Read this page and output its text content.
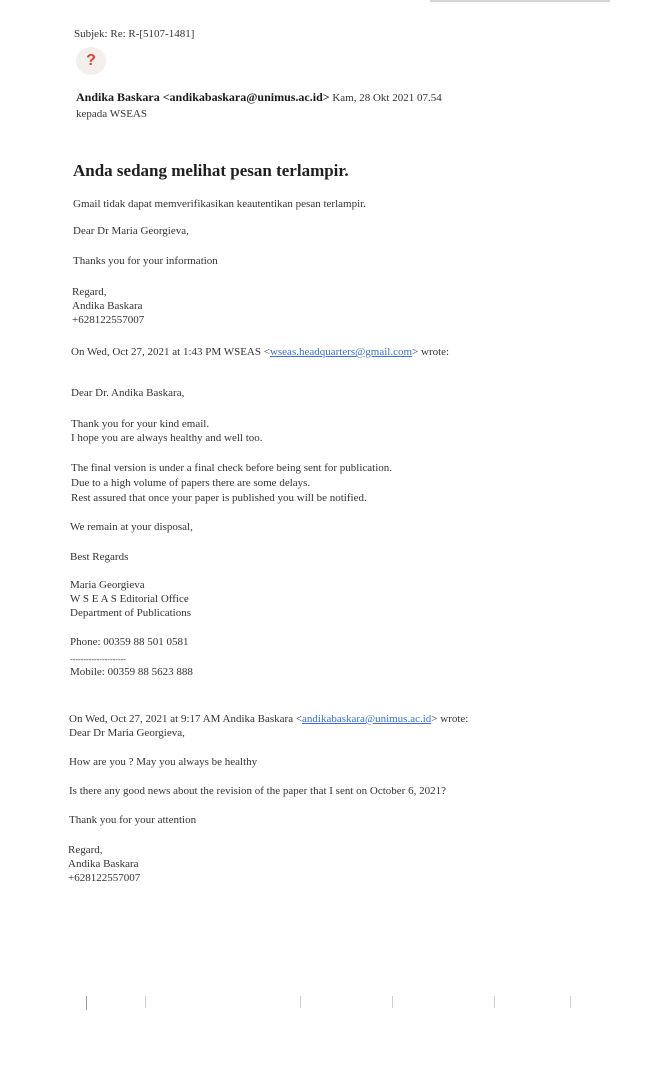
Subjek: Re: R-[5107-1481]
?
Andika Baskara <andikabaskara@unimus.ac.id> Kam, 28 Okt 2021 07.54
kepada WSEAS
Anda sedang melihat pesan terlampir.
Gmail tidak dapat memverifikasikan keautentikan pesan terlampir.
Dear Dr Maria Georgieva,
Thanks you for your information
Regard,
Andika Baskara
+628122557007
On Wed, Oct 27, 2021 at 1:43 PM WSEAS <wseas.headquarters@gmail.com> wrote:
Dear Dr. Andika Baskara,
Thank you for your kind email.
I hope you are always healthy and well too.
The final version is under a final check before being sent for publication.
Due to a high volume of papers there are some delays.
Rest assured that once your paper is published you will be notified.
We remain at your disposal,
Best Regards
Maria Georgieva
W S E A S Editorial Office
Department of Publications
Phone: 00359 88 501 0581
---------------------
Mobile: 00359 88 5623 888
On Wed, Oct 27, 2021 at 9:17 AM Andika Baskara <andikabaskara@unimus.ac.id> wrote:
Dear Dr Maria Georgieva,
How are you ? May you always be healthy
Is there any good news about the revision of the paper that I sent on October 6, 2021?
Thank you for your attention
Regard,
Andika Baskara
+628122557007
